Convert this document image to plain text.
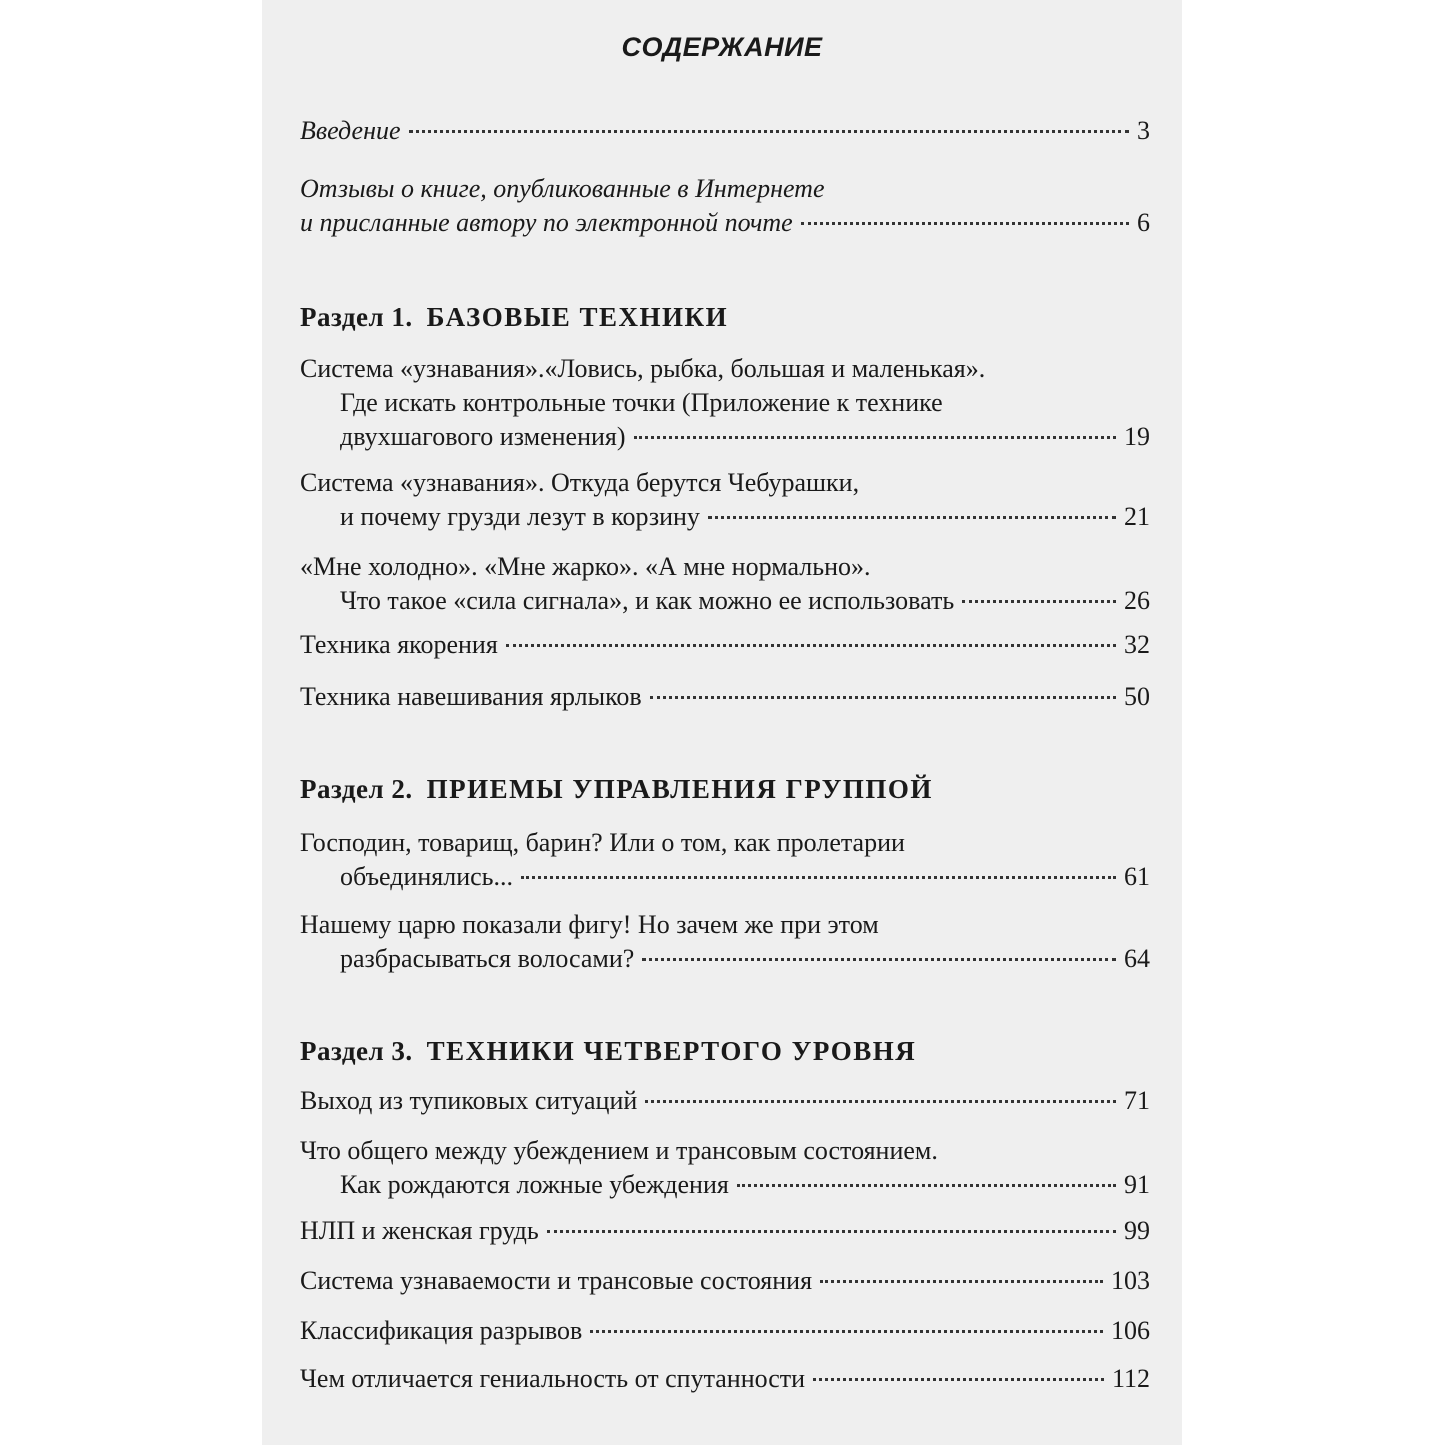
СОДЕРЖАНИЕ
Введение	3
Отзывы о книге, опубликованные в Интернете
и присланные автору по электронной почте	6
Раздел 1. БАЗОВЫЕ ТЕХНИКИ
Система «узнавания».«Ловись, рыбка, большая и маленькая».
Где искать контрольные точки (Приложение к технике
двухшагового изменения)	19
Система «узнавания». Откуда берутся Чебурашки,
и почему грузди лезут в корзину	21
«Мне холодно». «Мне жарко». «А мне нормально».
Что такое «сила сигнала», и как можно ее использовать	26
Техника якорения	32
Техника навешивания ярлыков	50
Раздел 2. ПРИЕМЫ УПРАВЛЕНИЯ ГРУППОЙ
Господин, товарищ, барин? Или о том, как пролетарии
объединялись...	61
Нашему царю показали фигу! Но зачем же при этом
разбрасываться волосами?	64
Раздел 3. ТЕХНИКИ ЧЕТВЕРТОГО УРОВНЯ
Выход из тупиковых ситуаций	71
Что общего между убеждением и трансовым состоянием.
Как рождаются ложные убеждения	91
НЛП и женская грудь	99
Система узнаваемости и трансовые состояния	103
Классификация разрывов	106
Чем отличается гениальность от спутанности	112
